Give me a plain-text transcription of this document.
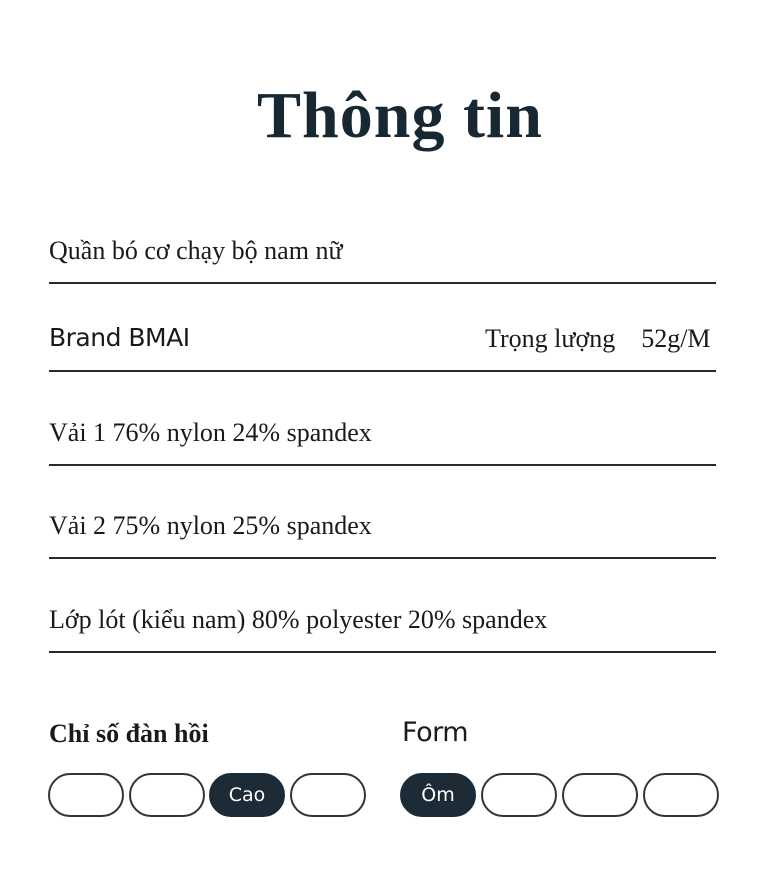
Thông tin
Quần bó cơ chạy bộ nam nữ
Brand BMAI	Trọng lượng 52g/M
Vải 1 76% nylon 24% spandex
Vải 2 75% nylon 25% spandex
Lớp lót (kiểu nam) 80% polyester 20% spandex
Chỉ số đàn hồi
Cao
Form
Ôm
